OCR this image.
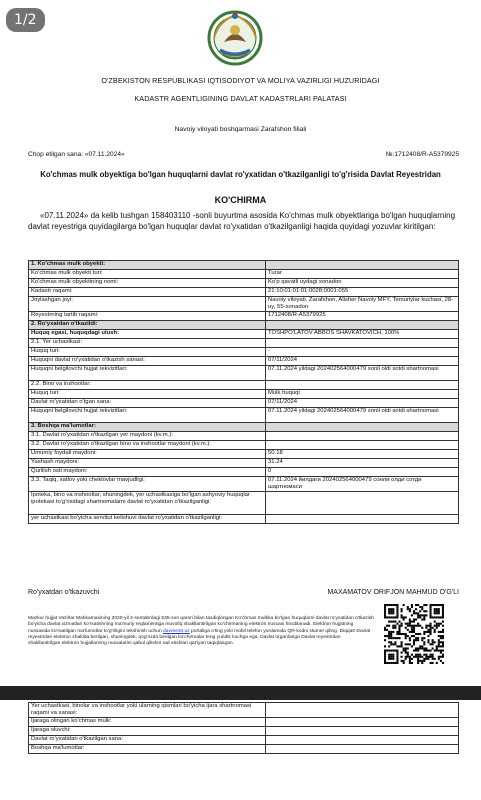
1/2
O'ZBEKISTON RESPUBLIKASI IQTISODIYOT VA MOLIYA VAZIRLIGI HUZURIDAGI
KADASTR AGENTLIGINING DAVLAT KADASTRLARI PALATASI
Navoiy viloyati boshqarmasi Zarafshon filiali
Chop etilgan sana: «07.11.2024»	№:1712408/R-A5379925
Ko'chmas mulk obyektiga bo'lgan huquqlarni davlat ro'yxatidan o'tkazilganligi to'g'risida Davlat Reyestridan
KO'CHIRMA
«07.11.2024» da kelib tushgan 158403110 -sonli buyurtma asosida Ko'chmas mulk obyektlariga bo'lgan huquqlarning davlat reyestriga quyidagilarga bo'lgan huquqlar davlat ro'yxatidan o'tkazilganligi haqida quyidagi yozuvlar kiritilgan:
1. Ko'chmas mulk obyekti:	
Ko'chmas mulk obyekti turi:	Turar
Ko'chmas mulk obyektining nomi:	Ko'p qavatli uydagi xonadon
Kadastr raqami:	21:10:01:01:01:0028:0001:055
Joylashgan joyi:	Navoiy viloyati, Zarafshon, Alisher Navoiy MFY, Temuriylar kuchasi, 28-uy, 55-xonadon
Reyestrning tartib raqami:	1712408/R-A5379925
2. Ro'yxatdan o'tkazildi:	
Huquq egasi, huquqdagi ulush:	TOSHPO'LATOV ABBOS SHAVKATOVICH, 100%
2.1. Yer uchastkasi:	
Huquq turi:	-
Huquqni davlat ro'yxatidan o'tkazish sanasi:	07/11/2024
Huquqni belgilovchi hujjat rekvizitlari:	07.11.2024 yildagi 202402564000479 sonli oldi sotdi shartnomasi
2.2. Bino va inshootlar:	
Huquq turi:	Mulk huquqi
Davlat ro'yxatidan o'tgan sana:	07/11/2024
Huquqni belgilovchi hujjat rekvizitlari:	07.11.2024 yildagi 202402564000479 sonli oldi sotdi shartnomasi
3. Boshqa ma'lumotlar:	
3.1. Davlat ro'yxatidan o'tkazilgan yer maydoni (kv.m.):	
3.2. Davlat ro'yxatidan o'tkazilgan bino va inshootlar maydoni (kv.m.):	
Umumiy foydali maydoni:	50.18
Yashash maydoni:	31.24
Qurilish osti maydoni:	0
3.3. Taqiq, xatlov yoki cheklovlar mavjudligi:	07.11.2024 йилдаги 202402564000479 сонли олди сотди шартномаси
Ipoteka, bino va inshootlar, shuningdek, yer uchastkasiga bo'lgan ashyoviy huquqlar ipotekasi to'g'risidagi shartnomalarni davlat ro'yxatidan o'tkazilganligi:	
yer uchastkasi bo'yicha servitut kelishuvi davlat ro'yxatidan o'tkazilganligi:	
Ro'yxatdan o'tkazuvchi	MAXAMATOV ORIFJON MAHMUD O'G'LI
Mazkur hujjat Vazirlar Mahkamasining 2020-yil 2-sentabrdagi 535-son qarori bilan tasdiqlangan Ko'chmas mulkka bo'lgan huquqlarni davlat ro'yxatidan o'tkazish bo'yicha davlat xizmatlari ko'rsatishning ma'muriy reglamentiga muvofiq shakllantirilgan ko'chirmaning elektron nusxasi hisoblanadi. Elektron hujjatning nusxasida ko'rsatilgan ma'lumotlar to'g'riligini tekshirish uchun davreestr.uz portaliga o'ting yoki mobil telefon yordamida QR-kodni skaner qiling. Diqqat! Davlat reyestridan elektron shaklda berilgan, shuningdek, qog'ozda berilgan ko'chirmalar teng yuridik kuchga ega. Davlat organlariga Davlat reyestridan shakllantirilgan elektron hujjatlarning nusxalarini qabul qilishni rad etishlari qat'iyan taqiqlangan.
Yer uchastkasi, binolar va inshootlar yoki ularning qismlari bo'yicha ijara shartnomasi raqami va sanasi:	
Ijaraga olingan ko'chmas mulk:	
Ijaraga oluvchi:	
Davlat ro'yxatidan o'tkazilgan sana:	
Boshqa ma'lumotlar:	
